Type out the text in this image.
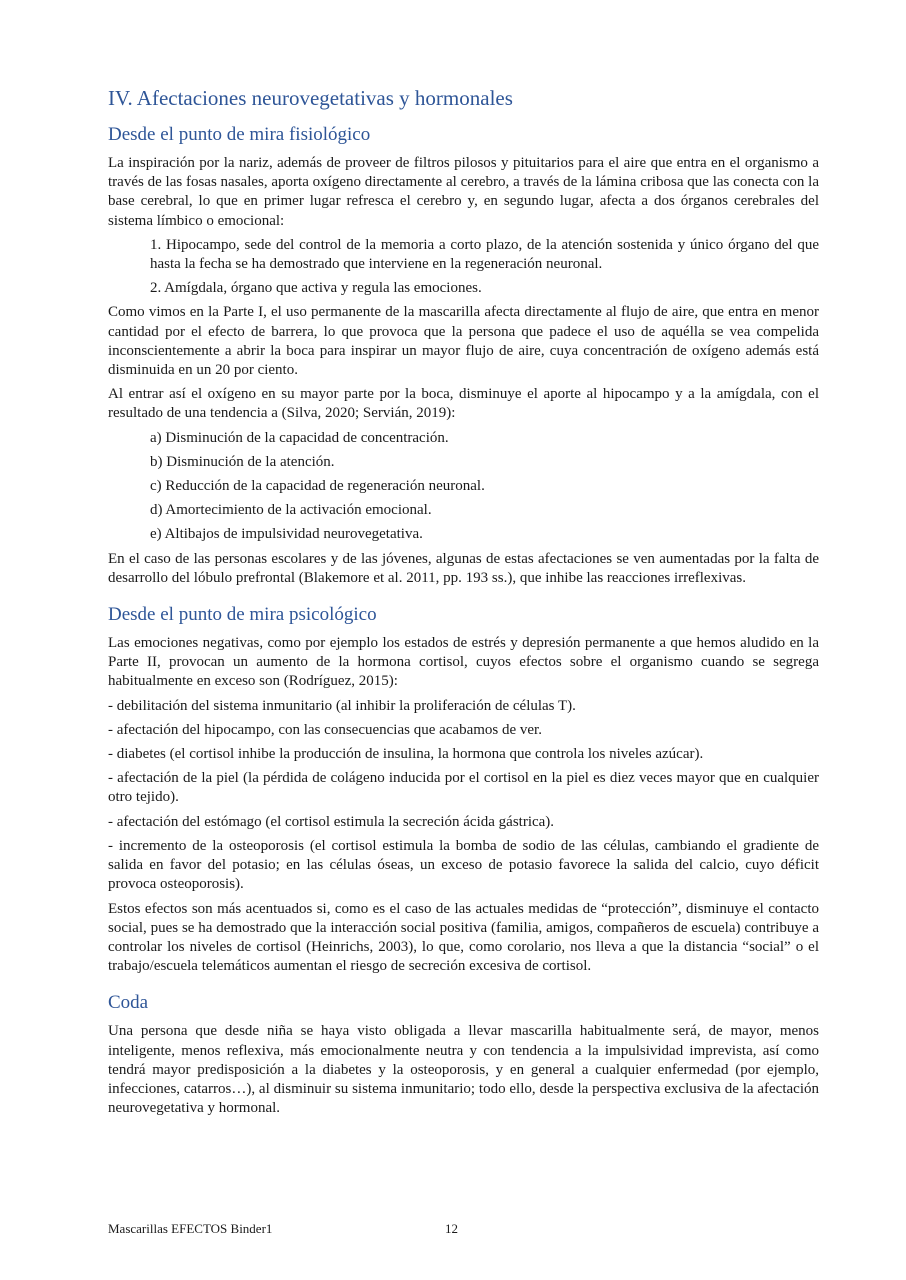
IV. Afectaciones neurovegetativas y hormonales
Desde el punto de mira fisiológico

La inspiración por la nariz, además de proveer de filtros pilosos y pituitarios para el aire que entra en el organismo a través de las fosas nasales, aporta oxígeno directamente al cerebro, a través de la lámina cribosa que las conecta con la base cerebral, lo que en primer lugar refresca el cerebro y, en segundo lugar, afecta a dos órganos cerebrales del sistema límbico o emocional:

1. Hipocampo, sede del control de la memoria a corto plazo, de la atención sostenida y único órgano del que hasta la fecha se ha demostrado que interviene en la regeneración neuronal.

2. Amígdala, órgano que activa y regula las emociones.

Como vimos en la Parte I, el uso permanente de la mascarilla afecta directamente al flujo de aire, que entra en menor cantidad por el efecto de barrera, lo que provoca que la persona que padece el uso de aquélla se vea compelida inconscientemente a abrir la boca para inspirar un mayor flujo de aire, cuya concentración de oxígeno además está disminuida en un 20 por ciento.

Al entrar así el oxígeno en su mayor parte por la boca, disminuye el aporte al hipocampo y a la amígdala, con el resultado de una tendencia a (Silva, 2020; Servián, 2019):

a) Disminución de la capacidad de concentración.

b) Disminución de la atención.

c) Reducción de la capacidad de regeneración neuronal.

d) Amortecimiento de la activación emocional.

e) Altibajos de impulsividad neurovegetativa.

En el caso de las personas escolares y de las jóvenes, algunas de estas afectaciones se ven aumentadas por la falta de desarrollo del lóbulo prefrontal (Blakemore et al. 2011, pp. 193 ss.), que inhibe las reacciones irreflexivas.

Desde el punto de mira psicológico

Las emociones negativas, como por ejemplo los estados de estrés y depresión permanente a que hemos aludido en la Parte II, provocan un aumento de la hormona cortisol, cuyos efectos sobre el organismo cuando se segrega habitualmente en exceso son (Rodríguez, 2015):

- debilitación del sistema inmunitario (al inhibir la proliferación de células T).

- afectación del hipocampo, con las consecuencias que acabamos de ver.

- diabetes (el cortisol inhibe la producción de insulina, la hormona que controla los niveles azúcar).

- afectación de la piel (la pérdida de colágeno inducida por el cortisol en la piel es diez veces mayor que en cualquier otro tejido).

- afectación del estómago (el cortisol estimula la secreción ácida gástrica).

- incremento de la osteoporosis (el cortisol estimula la bomba de sodio de las células, cambiando el gradiente de salida en favor del potasio; en las células óseas, un exceso de potasio favorece la salida del calcio, cuyo déficit provoca osteoporosis).

Estos efectos son más acentuados si, como es el caso de las actuales medidas de “protección”, disminuye el contacto social, pues se ha demostrado que la interacción social positiva (familia, amigos, compañeros de escuela) contribuye a controlar los niveles de cortisol (Heinrichs, 2003), lo que, como corolario, nos lleva a que la distancia “social” o el trabajo/escuela telemáticos aumentan el riesgo de secreción excesiva de cortisol.

Coda

Una persona que desde niña se haya visto obligada a llevar mascarilla habitualmente será, de mayor, menos inteligente, menos reflexiva, más emocionalmente neutra y con tendencia a la impulsividad imprevista, así como tendrá mayor predisposición a la diabetes y la osteoporosis, y en general a cualquier enfermedad (por ejemplo, infecciones, catarros…), al disminuir su sistema inmunitario; todo ello, desde la perspectiva exclusiva de la afectación neurovegetativa y hormonal.

Mascarillas EFECTOS Binder1	12
